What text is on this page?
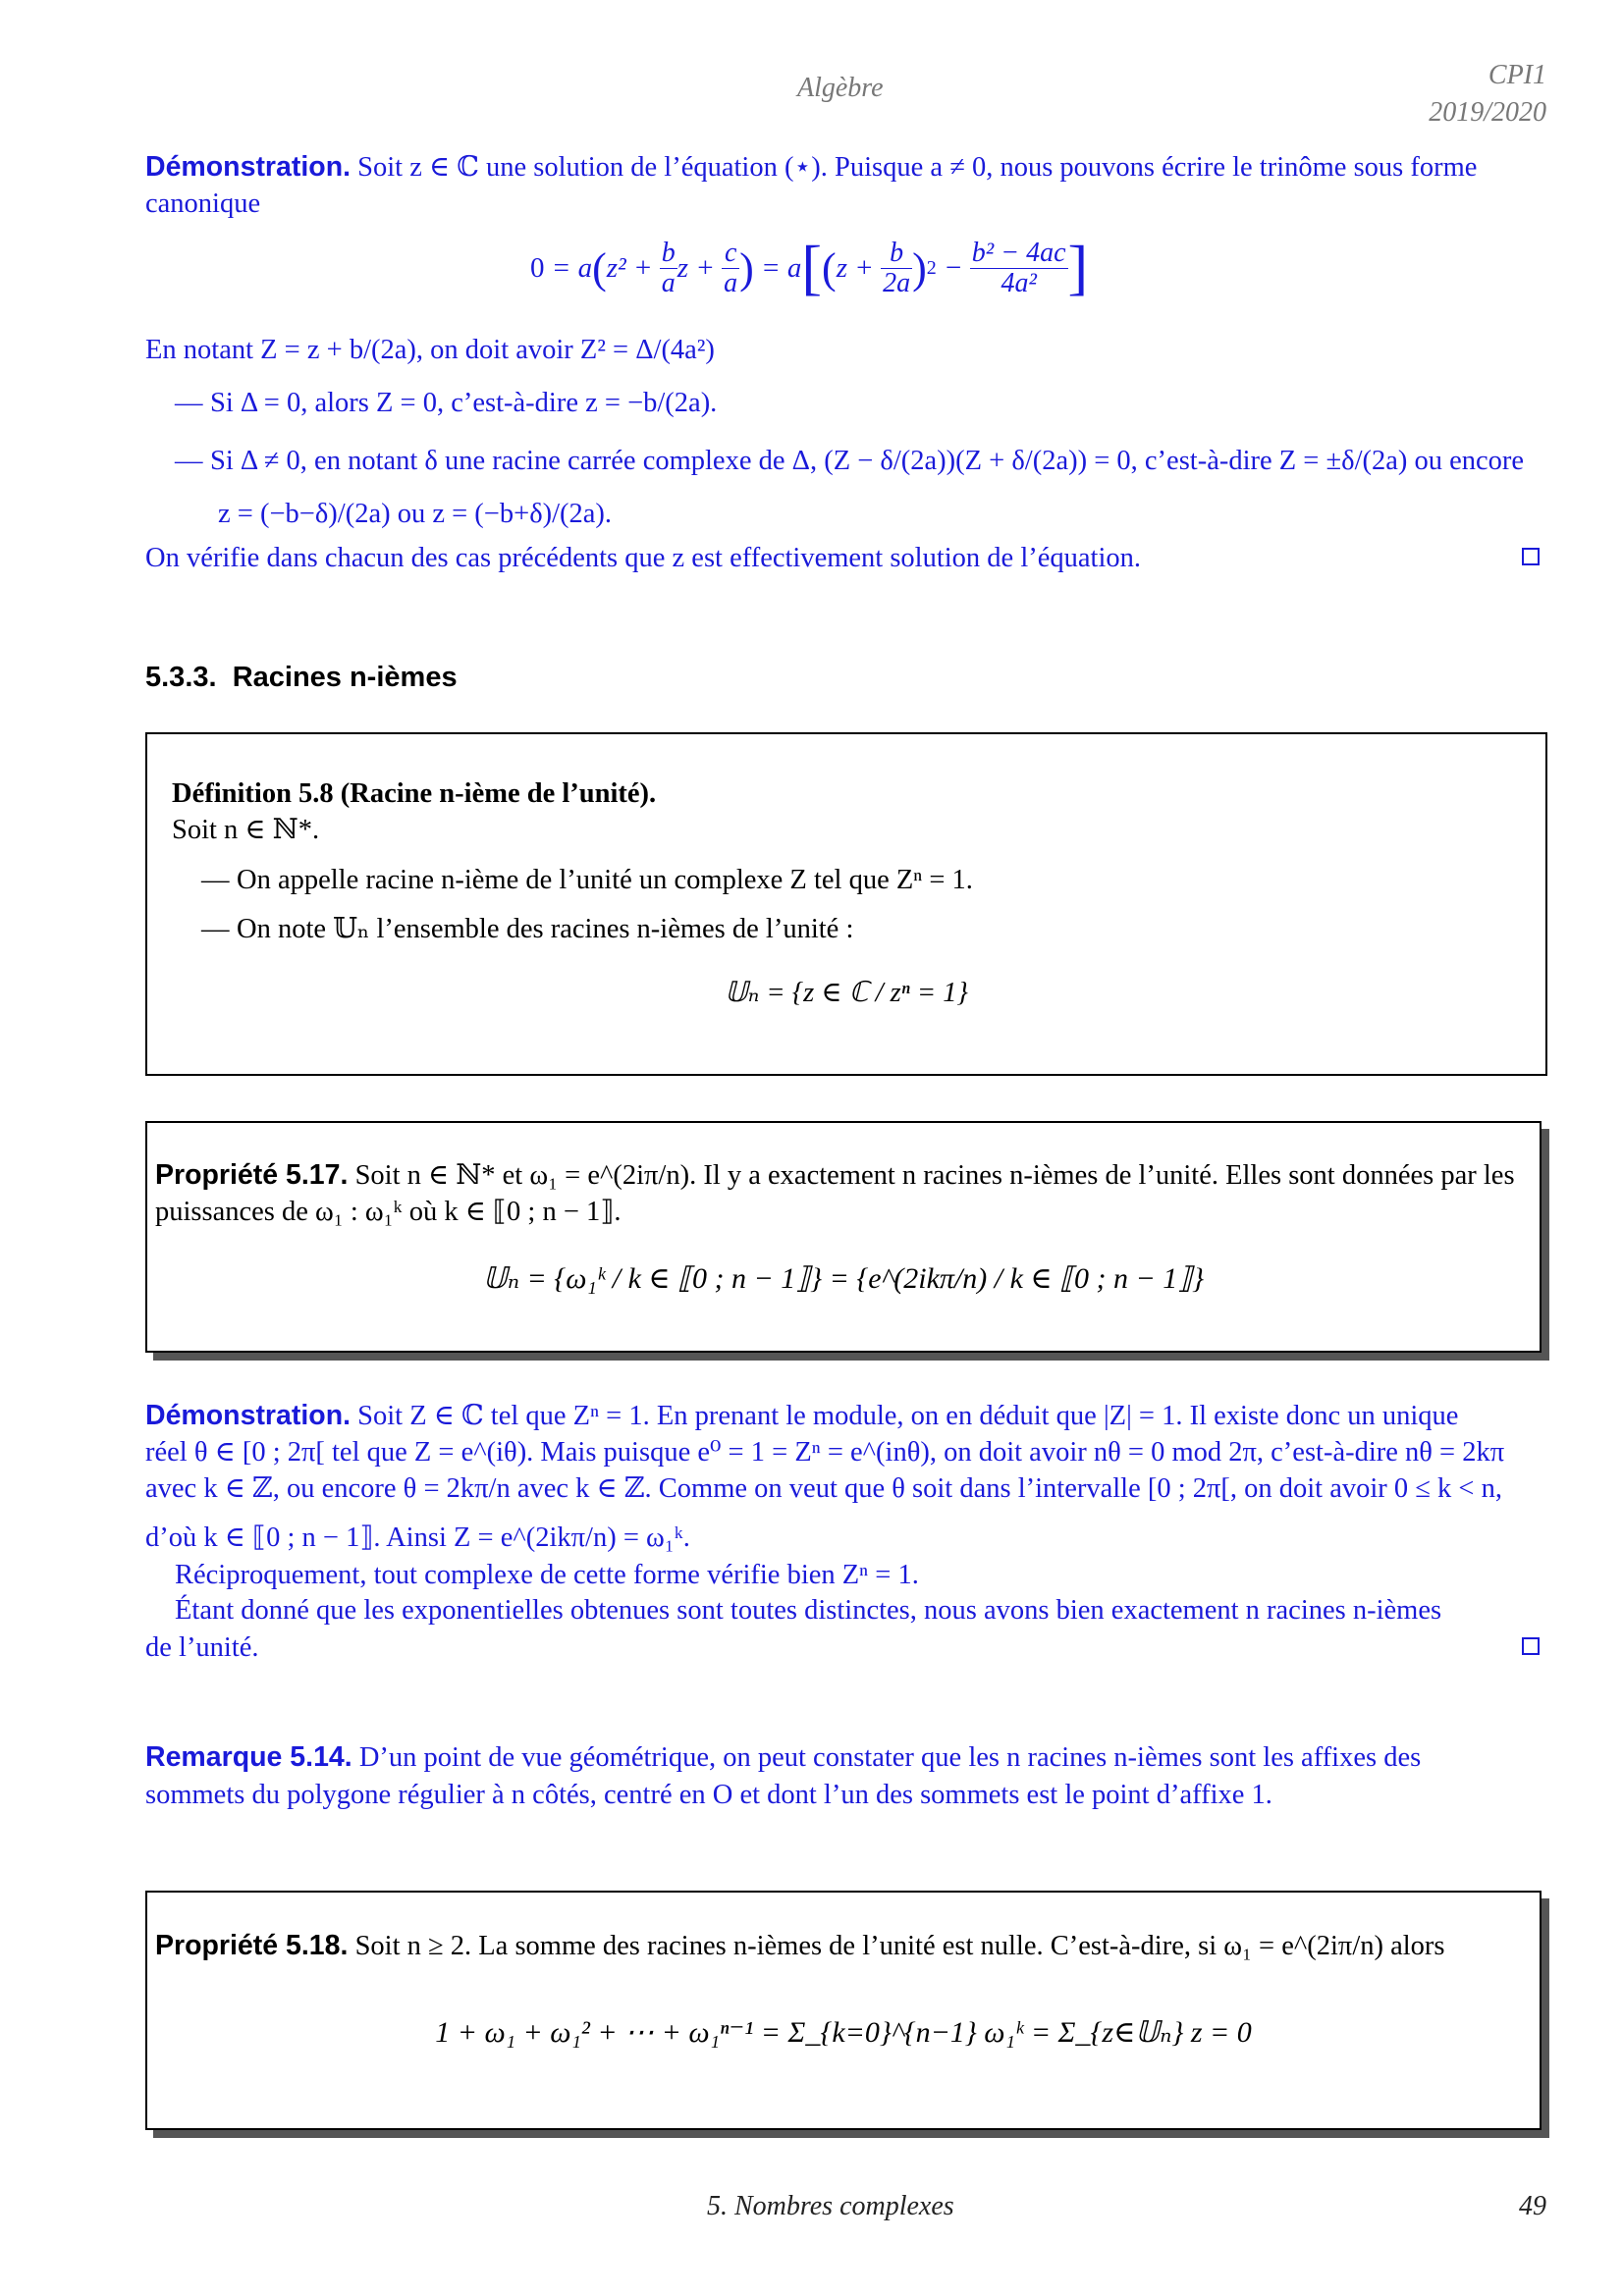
Algèbre	CPI1
2019/2020
Démonstration. Soit z ∈ ℂ une solution de l’équation (⋆). Puisque a ≠ 0, nous pouvons écrire le trinôme sous forme
canonique
0 = a ( $z^2 + \frac{b}{a}$ $z + \frac{c}{a}$ ) = a [ ( $z + \frac{b}{2a}$ ) $2 - \frac{\text{b² − 4ac}}{\text{4a²}}$ ]
En notant Z = z + b/(2a), on doit avoir Z² = Δ/(4a²)
— Si Δ = 0, alors Z = 0, c’est-à-dire z = −b/(2a).
— Si Δ ≠ 0, en notant δ une racine carrée complexe de Δ, (Z − δ/(2a))(Z + δ/(2a)) = 0, c’est-à-dire Z = ±δ/(2a) ou encore
z = (−b−δ)/(2a) ou z = (−b+δ)/(2a).
On vérifie dans chacun des cas précédents que z est effectivement solution de l’équation.
5.3.3. Racines n-ièmes
Définition 5.8 (Racine n-ième de l’unité).
Soit n ∈ ℕ*.
— On appelle racine n-ième de l’unité un complexe Z tel que Zⁿ = 1.
— On note 𝕌ₙ l’ensemble des racines n-ièmes de l’unité :
𝕌ₙ = {z ∈ ℂ / zⁿ = 1}
Propriété 5.17. Soit n ∈ ℕ* et ω₁ = e^(2iπ/n). Il y a exactement n racines n-ièmes de l’unité. Elles sont données par les
puissances de ω₁ : ω₁ᵏ où k ∈ ⟦0 ; n − 1⟧.
𝕌ₙ = {ω₁ᵏ / k ∈ ⟦0 ; n − 1⟧} = {e^(2ikπ/n) / k ∈ ⟦0 ; n − 1⟧}
Démonstration. Soit Z ∈ ℂ tel que Zⁿ = 1. En prenant le module, on en déduit que |Z| = 1. Il existe donc un unique
réel θ ∈ [0 ; 2π[ tel que Z = e^(iθ). Mais puisque e⁰ = 1 = Zⁿ = e^(inθ), on doit avoir nθ = 0 mod 2π, c’est-à-dire nθ = 2kπ
avec k ∈ ℤ, ou encore θ = 2kπ/n avec k ∈ ℤ. Comme on veut que θ soit dans l’intervalle [0 ; 2π[, on doit avoir 0 ≤ k < n,
d’où k ∈ ⟦0 ; n − 1⟧. Ainsi Z = e^(2ikπ/n) = ω₁ᵏ.
Réciproquement, tout complexe de cette forme vérifie bien Zⁿ = 1.
Étant donné que les exponentielles obtenues sont toutes distinctes, nous avons bien exactement n racines n-ièmes
de l’unité.
Remarque 5.14. D’un point de vue géométrique, on peut constater que les n racines n-ièmes sont les affixes des
sommets du polygone régulier à n côtés, centré en O et dont l’un des sommets est le point d’affixe 1.
Propriété 5.18. Soit n ≥ 2. La somme des racines n-ièmes de l’unité est nulle. C’est-à-dire, si ω₁ = e^(2iπ/n) alors
1 + ω₁ + ω₁² + ⋯ + ω₁ⁿ⁻¹ = Σ_{k=0}^{n−1} ω₁ᵏ = Σ_{z∈𝕌ₙ} z = 0
5. Nombres complexes	49
